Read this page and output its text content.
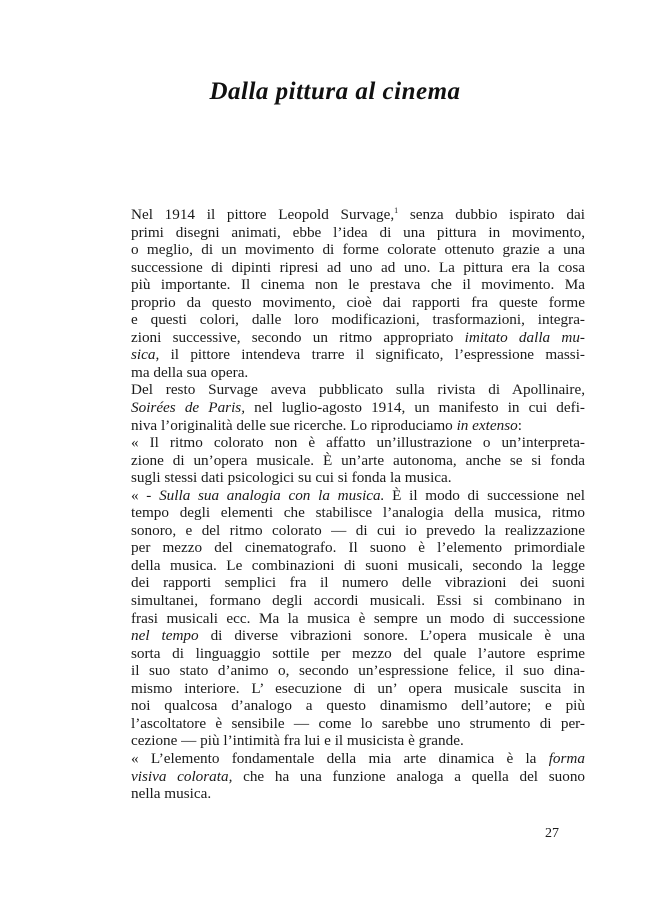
Dalla pittura al cinema
Nel 1914 il pittore Leopold Survage,$^1$ senza dubbio ispirato dai
primi disegni animati, ebbe l’idea di una pittura in movimento,
o meglio, di un movimento di forme colorate ottenuto grazie a una
successione di dipinti ripresi ad uno ad uno. La pittura era la cosa
più importante. Il cinema non le prestava che il movimento. Ma
proprio da questo movimento, cioè dai rapporti fra queste forme
e questi colori, dalle loro modificazioni, trasformazioni, integra-
zioni successive, secondo un ritmo appropriato imitato dalla mu-
sica, il pittore intendeva trarre il significato, l’espressione massi-
ma della sua opera.
Del resto Survage aveva pubblicato sulla rivista di Apollinaire,
Soirées de Paris, nel luglio-agosto 1914, un manifesto in cui defi-
niva l’originalità delle sue ricerche. Lo riproduciamo in extenso:
« Il ritmo colorato non è affatto un’illustrazione o un’interpreta-
zione di un’opera musicale. È un’arte autonoma, anche se si fonda
sugli stessi dati psicologici su cui si fonda la musica.
« - Sulla sua analogia con la musica. È il modo di successione nel
tempo degli elementi che stabilisce l’analogia della musica, ritmo
sonoro, e del ritmo colorato — di cui io prevedo la realizzazione
per mezzo del cinematografo. Il suono è l’elemento primordiale
della musica. Le combinazioni di suoni musicali, secondo la legge
dei rapporti semplici fra il numero delle vibrazioni dei suoni
simultanei, formano degli accordi musicali. Essi si combinano in
frasi musicali ecc. Ma la musica è sempre un modo di successione
nel tempo di diverse vibrazioni sonore. L’opera musicale è una
sorta di linguaggio sottile per mezzo del quale l’autore esprime
il suo stato d’animo o, secondo un’espressione felice, il suo dina-
mismo interiore. L’ esecuzione di un’ opera musicale suscita in
noi qualcosa d’analogo a questo dinamismo dell’autore; e più
l’ascoltatore è sensibile — come lo sarebbe uno strumento di per-
cezione — più l’intimità fra lui e il musicista è grande.
« L’elemento fondamentale della mia arte dinamica è la forma
visiva colorata, che ha una funzione analoga a quella del suono
nella musica.
27
